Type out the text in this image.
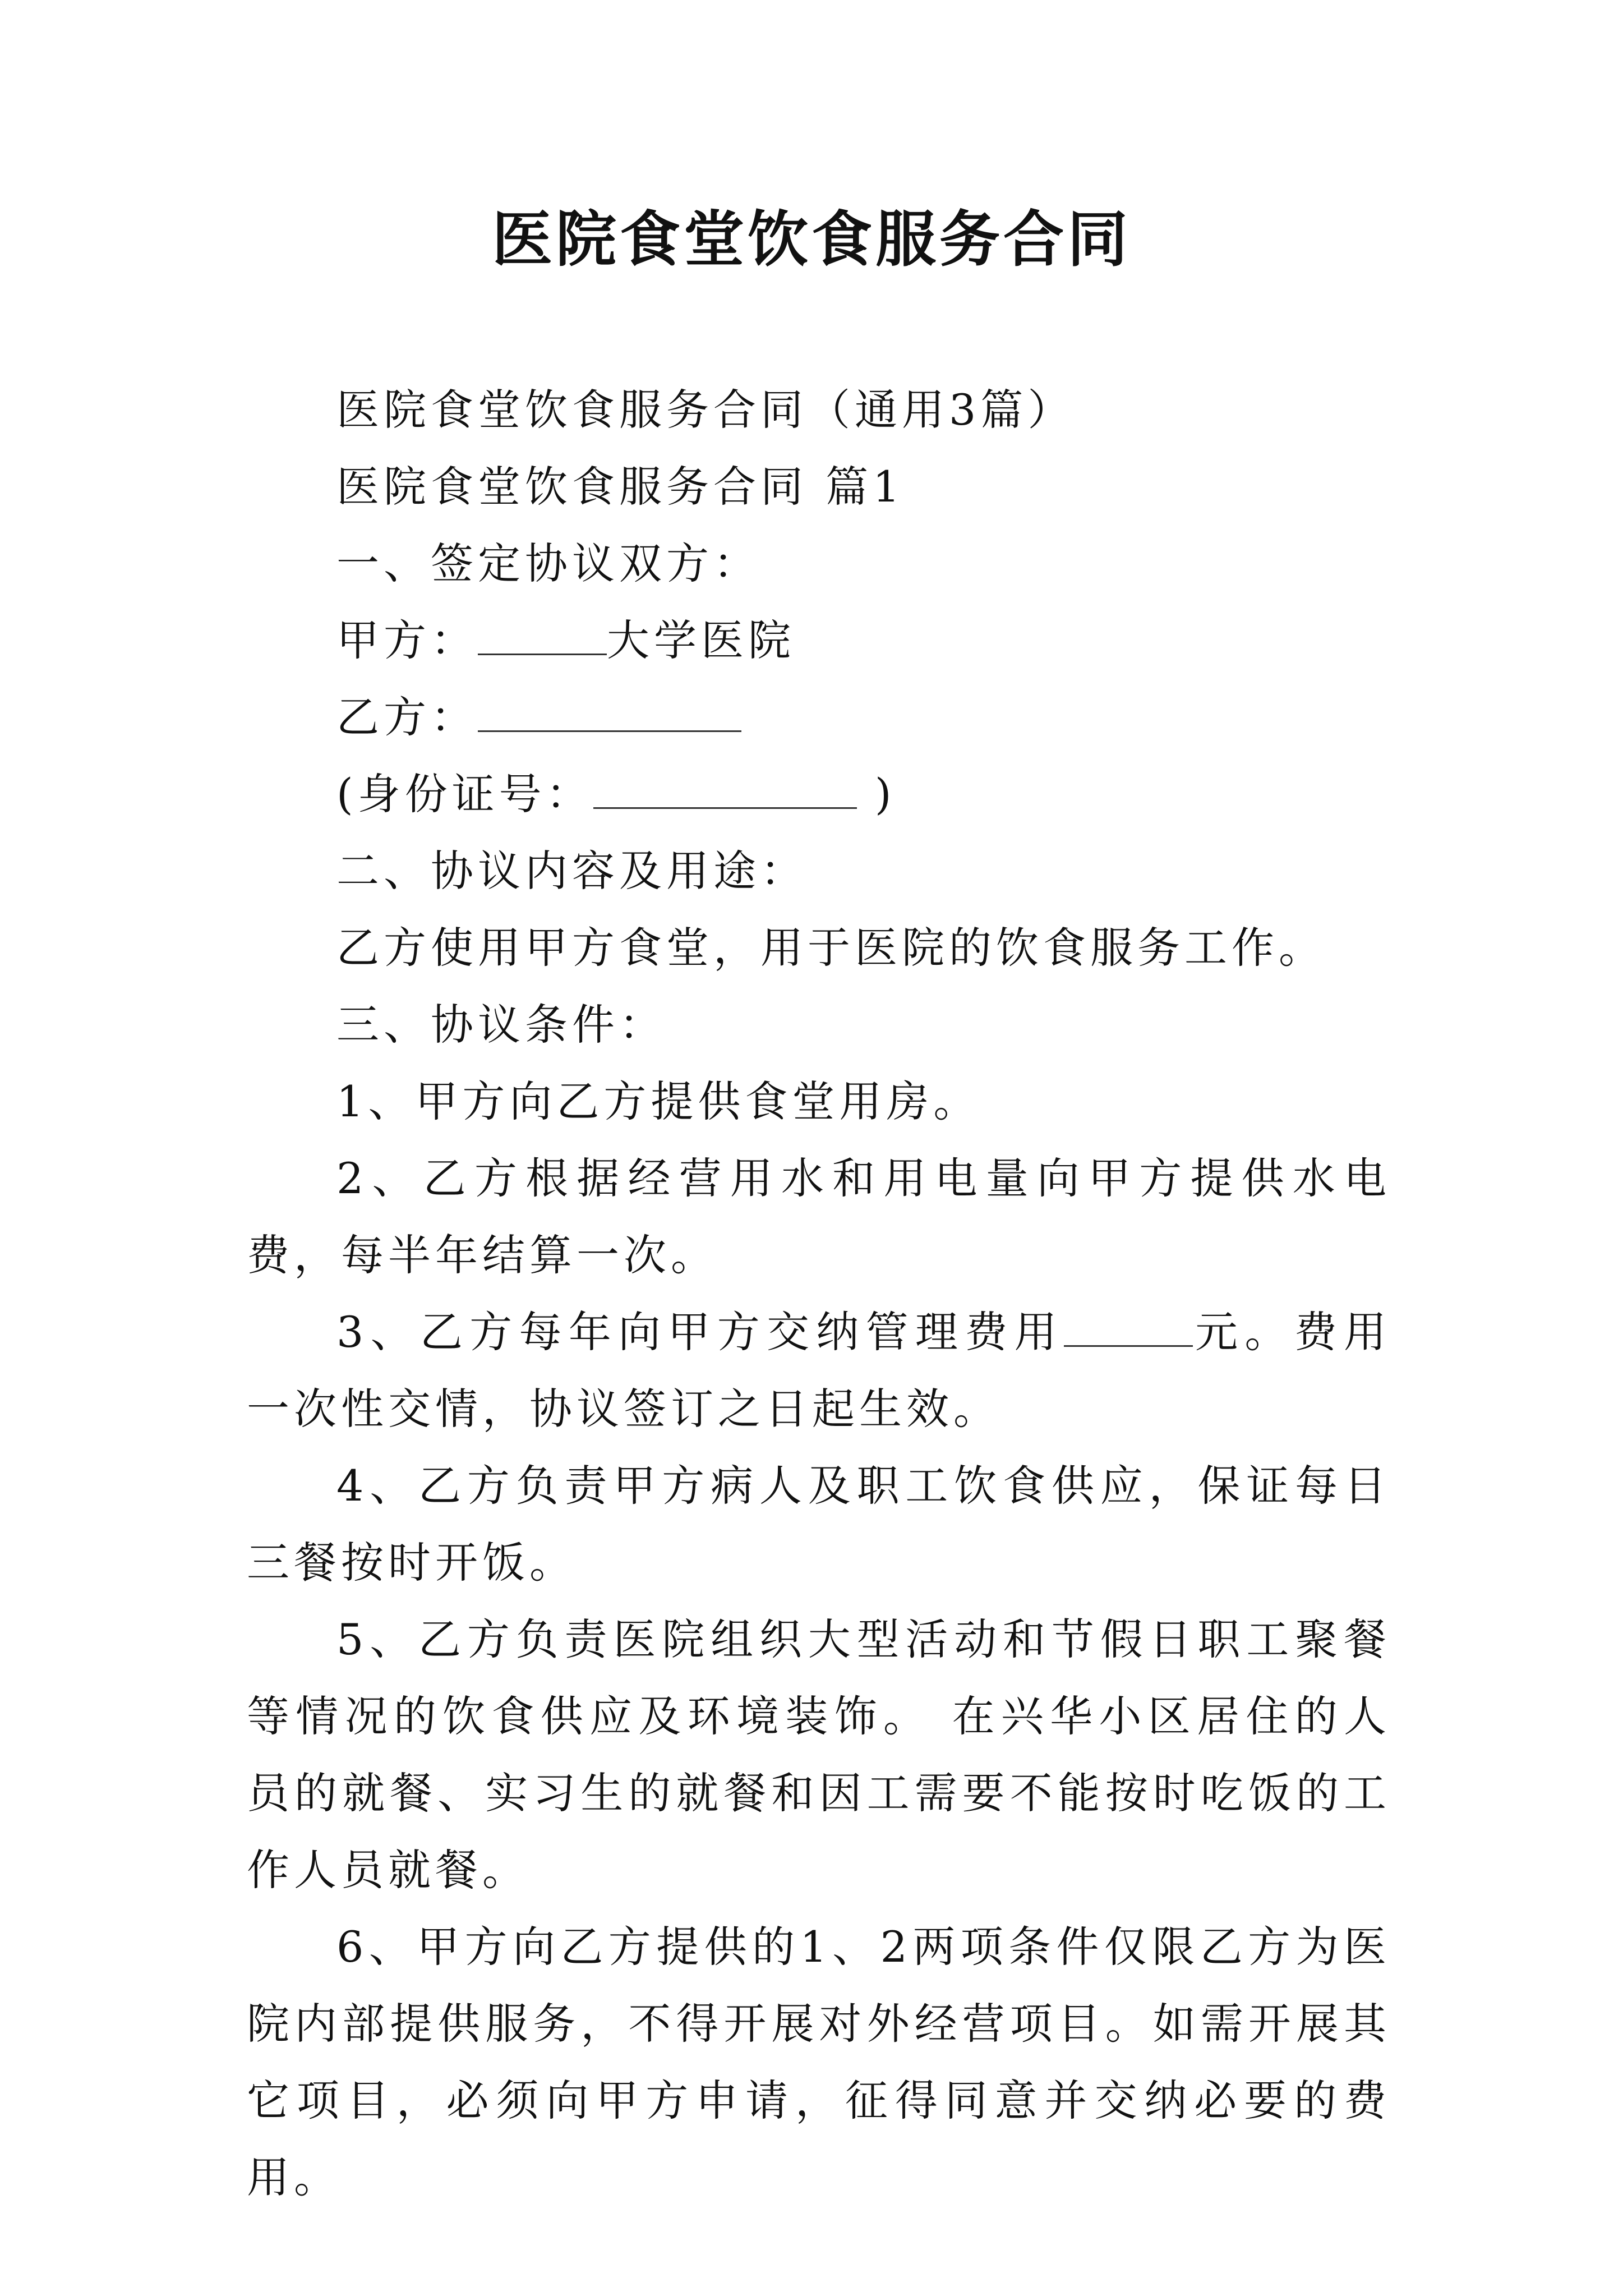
医院食堂饮食服务合同

医院食堂饮食服务合同（通用3篇）

医院食堂饮食服务合同 篇1

一、签定协议双方：

甲方：	大学医院

乙方：

(身份证号：	)

二、协议内容及用途：

乙方使用甲方食堂，用于医院的饮食服务工作。

三、协议条件：

1、甲方向乙方提供食堂用房。

2、乙方根据经营用水和用电量向甲方提供水电费，每半年结算一次。

3、乙方每年向甲方交纳管理费用	元。费用一次性交情，协议签订之日起生效。

4、乙方负责甲方病人及职工饮食供应，保证每日三餐按时开饭。

5、乙方负责医院组织大型活动和节假日职工聚餐等情况的饮食供应及环境装饰。 在兴华小区居住的人员的就餐、实习生的就餐和因工需要不能按时吃饭的工作人员就餐。

6、甲方向乙方提供的1、2两项条件仅限乙方为医院内部提供服务，不得开展对外经营项目。如需开展其它项目，必须向甲方申请，征得同意并交纳必要的费用。
